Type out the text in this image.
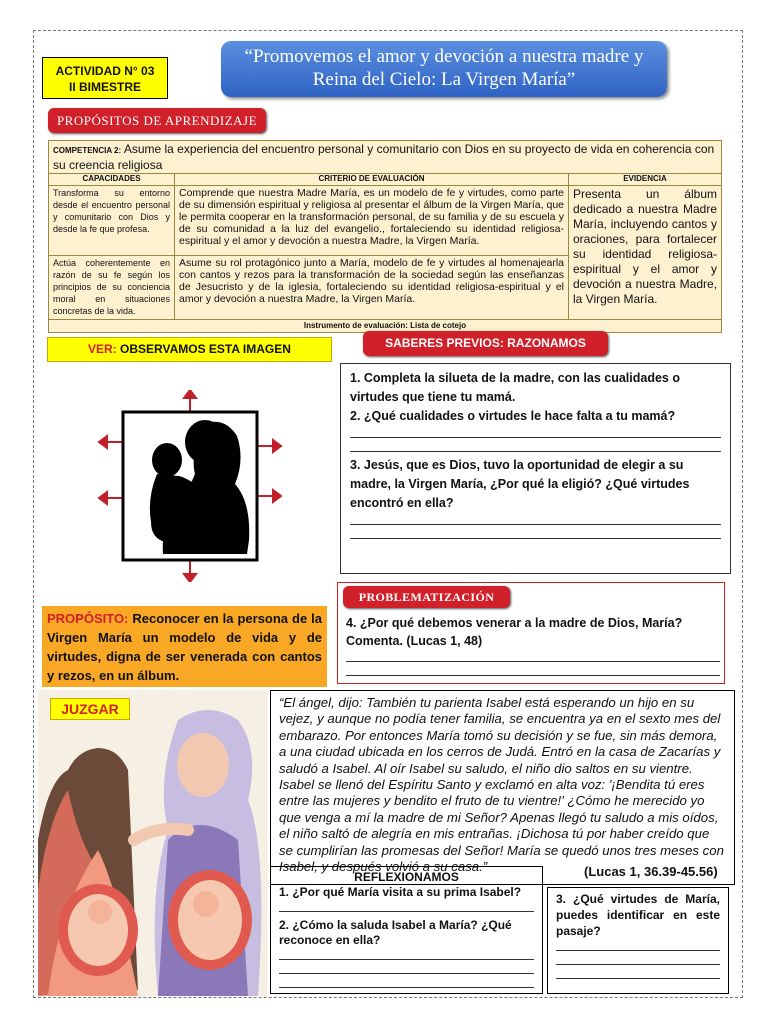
ACTIVIDAD N° 03
II BIMESTRE
“Promovemos el amor y devoción a nuestra madre y Reina del Cielo: La Virgen María”
PROPÓSITOS DE APRENDIZAJE
COMPETENCIA 2: Asume la experiencia del encuentro personal y comunitario con Dios en su proyecto de vida en coherencia con su creencia religiosa		
CAPACIDADES	CRITERIO DE EVALUACIÓN	EVIDENCIA
Transforma su entorno desde el encuentro personal y comunitario con Dios y desde la fe que profesa.	Comprende que nuestra Madre María, es un modelo de fe y virtudes, como parte de su dimensión espiritual y religiosa al presentar el álbum de la Virgen María, que le permita cooperar en la transformación personal, de su familia y de su escuela y de su comunidad a la luz del evangelio., fortaleciendo su identidad religiosa-espiritual y el amor y devoción a nuestra Madre, la Virgen María.	Presenta un álbum dedicado a nuestra Madre María, incluyendo cantos y oraciones, para fortalecer su identidad religiosa-espiritual y el amor y devoción a nuestra Madre, la Virgen María.
Actúa coherentemente en razón de su fe según los principios de su conciencia moral en situaciones concretas de la vida.	Asume su rol protagónico junto a María, modelo de fe y virtudes al homenajearla con cantos y rezos para la transformación de la sociedad según las enseñanzas de Jesucristo y de la iglesia, fortaleciendo su identidad religiosa-espiritual y el amor y devoción a nuestra Madre, la Virgen María.	
Instrumento de evaluación: Lista de cotejo		
VER: OBSERVAMOS ESTA IMAGEN	SABERES PREVIOS: RAZONAMOS
1. Completa la silueta de la madre, con las cualidades o virtudes que tiene tu mamá.
2. ¿Qué cualidades o virtudes le hace falta a tu mamá?
3. Jesús, que es Dios, tuvo la oportunidad de elegir a su madre, la Virgen María, ¿Por qué la eligió? ¿Qué virtudes encontró en ella?
PROBLEMATIZACIÓN
4. ¿Por qué debemos venerar a la madre de Dios, María? Comenta. (Lucas 1, 48)
PROPÓSITO: Reconocer en la persona de la Virgen María un modelo de vida y de virtudes, digna de ser venerada con cantos y rezos, en un álbum.
JUZGAR	“El ángel, dijo: También tu parienta Isabel está esperando un hijo en su vejez, y aunque no podía tener familia, se encuentra ya en el sexto mes del embarazo. Por entonces María tomó su decisión y se fue, sin más demora, a una ciudad ubicada en los cerros de Judá. Entró en la casa de Zacarías y saludó a Isabel. Al oír Isabel su saludo, el niño dio saltos en su vientre. Isabel se llenó del Espíritu Santo y exclamó en alta voz: '¡Bendita tú eres entre las mujeres y bendito el fruto de tu vientre!' ¿Cómo he merecido yo que venga a mí la madre de mi Señor? Apenas llegó tu saludo a mis oídos, el niño saltó de alegría en mis entrañas. ¡Dichosa tú por haber creído que se cumplirían las promesas del Señor! María se quedó unos tres meses con Isabel, y después volvió a su casa.”	(Lucas 1, 36.39-45.56)
REFLEXIONAMOS
1. ¿Por qué María visita a su prima Isabel?
2. ¿Cómo la saluda Isabel a María? ¿Qué reconoce en ella?
3. ¿Qué virtudes de María, puedes identificar en este pasaje?
